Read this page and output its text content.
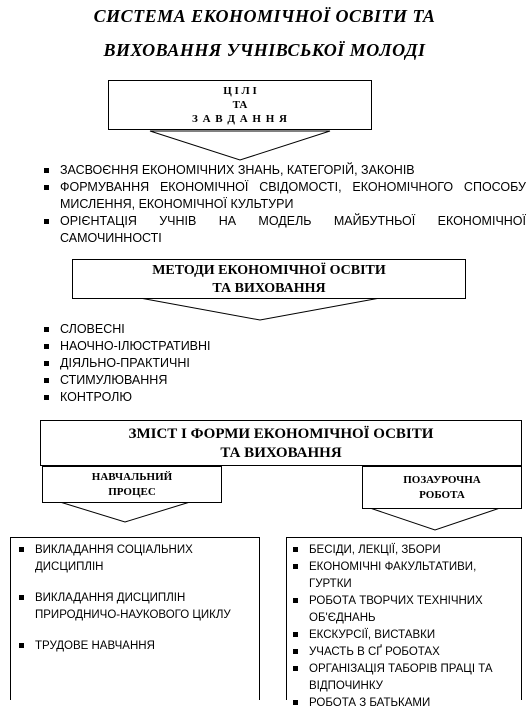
СИСТЕМА ЕКОНОМІЧНОЇ ОСВІТИ ТА
ВИХОВАННЯ УЧНІВСЬКОЇ МОЛОДІ
Ц І Л І
ТА
З А В Д А Н Н Я
ЗАСВОЄННЯ ЕКОНОМІЧНИХ ЗНАНЬ, КАТЕГОРІЙ, ЗАКОНІВ
ФОРМУВАННЯ ЕКОНОМІЧНОЇ СВІДОМОСТІ, ЕКОНОМІЧНОГО СПОСОБУ МИСЛЕННЯ, ЕКОНОМІЧНОЇ КУЛЬТУРИ
ОРІЄНТАЦІЯ УЧНІВ НА МОДЕЛЬ МАЙБУТНЬОЇ ЕКОНОМІЧНОЇ САМОЧИННОСТІ
МЕТОДИ ЕКОНОМІЧНОЇ ОСВІТИ
ТА ВИХОВАННЯ
СЛОВЕСНІ
НАОЧНО-ІЛЮСТРАТИВНІ
ДІЯЛЬНО-ПРАКТИЧНІ
СТИМУЛЮВАННЯ
КОНТРОЛЮ
ЗМІСТ І ФОРМИ ЕКОНОМІЧНОЇ ОСВІТИ
ТА ВИХОВАННЯ
НАВЧАЛЬНИЙ
ПРОЦЕС
ПОЗАУРОЧНА
РОБОТА
ВИКЛАДАННЯ СОЦІАЛЬНИХ ДИСЦИПЛІН
ВИКЛАДАННЯ ДИСЦИПЛІН ПРИРОДНИЧО-НАУКОВОГО ЦИКЛУ
ТРУДОВЕ НАВЧАННЯ
БЕСІДИ, ЛЕКЦІЇ, ЗБОРИ
ЕКОНОМІЧНІ ФАКУЛЬТАТИВИ, ГУРТКИ
РОБОТА ТВОРЧИХ ТЕХНІЧНИХ ОБ'ЄДНАНЬ
ЕКСКУРСІЇ, ВИСТАВКИ
УЧАСТЬ В СҐ РОБОТАХ
ОРГАНІЗАЦІЯ ТАБОРІВ ПРАЦІ ТА ВІДПОЧИНКУ
РОБОТА З БАТЬКАМИ
